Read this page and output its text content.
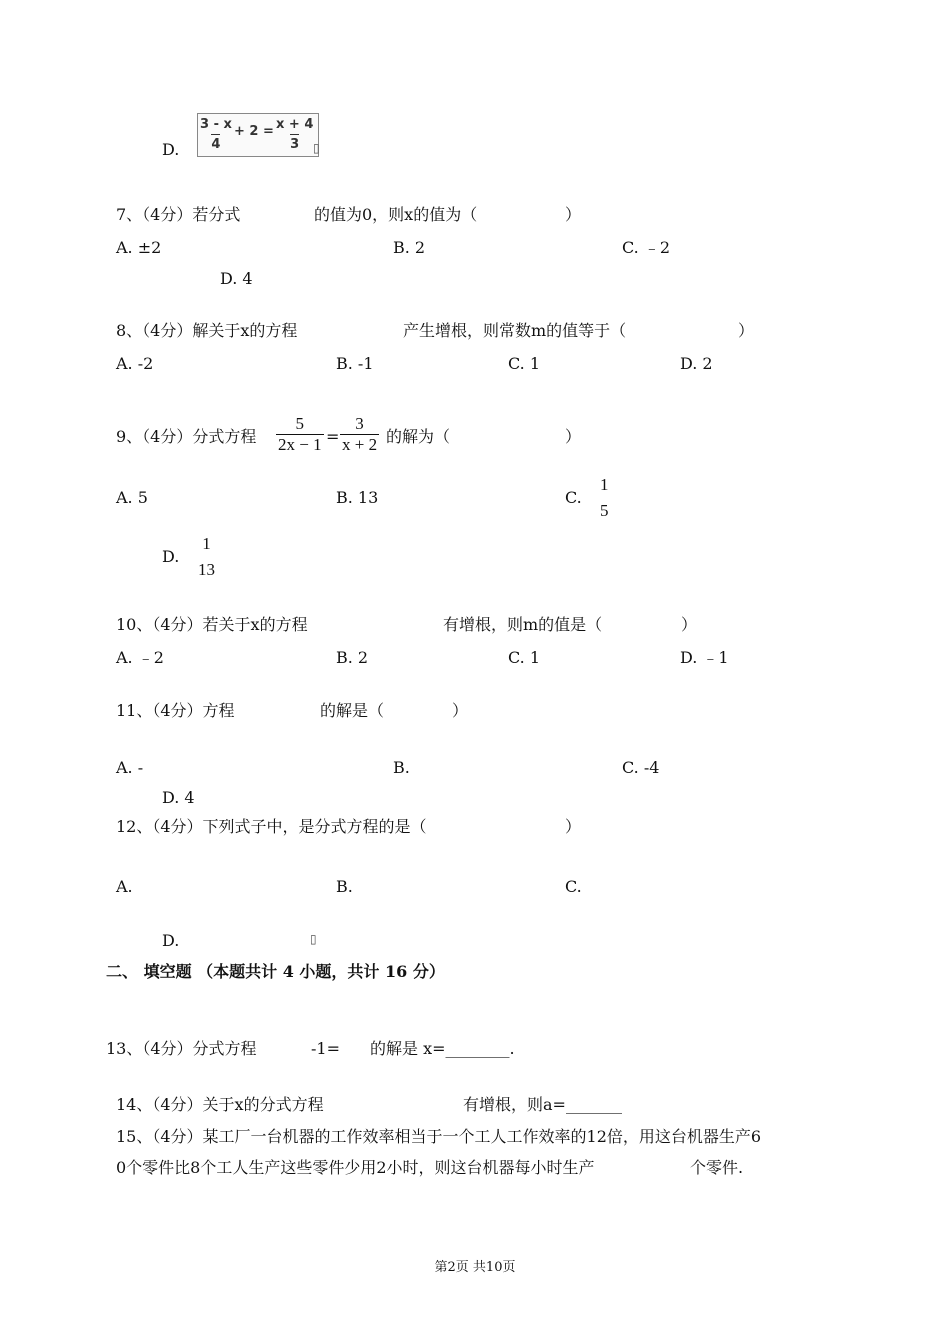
D. $\frac{3 - x}{4} + 2 = \frac{x + 4}{3}$ ▯
7、（4分）若分式	的值为0，则x的值为（	）
A. ±2	B. 2	C. ﹣2
D. 4
8、（4分）解关于x的方程	产生增根，则常数m的值等于（	）
A. -2	B. -1	C. 1	D. 2
9、（4分）分式方程 $\frac{5}{2x - 1} = \frac{3}{x + 2}$ 的解为（	）
A. 5	B. 13	C.
1
5
D.
1
13
10、（4分）若关于x的方程	有增根，则m的值是（	）
A. ﹣2	B. 2	C. 1	D. ﹣1
11、（4分）方程	的解是（	）
A. -	B.	C. -4
D. 4
12、（4分）下列式子中，是分式方程的是（	）
A.	B.	C.
D.	▯
二、 填空题 （本题共计 4 小题，共计 16 分）
13、（4分）分式方程	-1= 的解是 x=________.
14、（4分）关于x的分式方程	有增根，则a=_______
15、（4分）某工厂一台机器的工作效率相当于一个工人工作效率的12倍，用这台机器生产6
0个零件比8个工人生产这些零件少用2小时，则这台机器每小时生产	个零件.
第2页 共10页
